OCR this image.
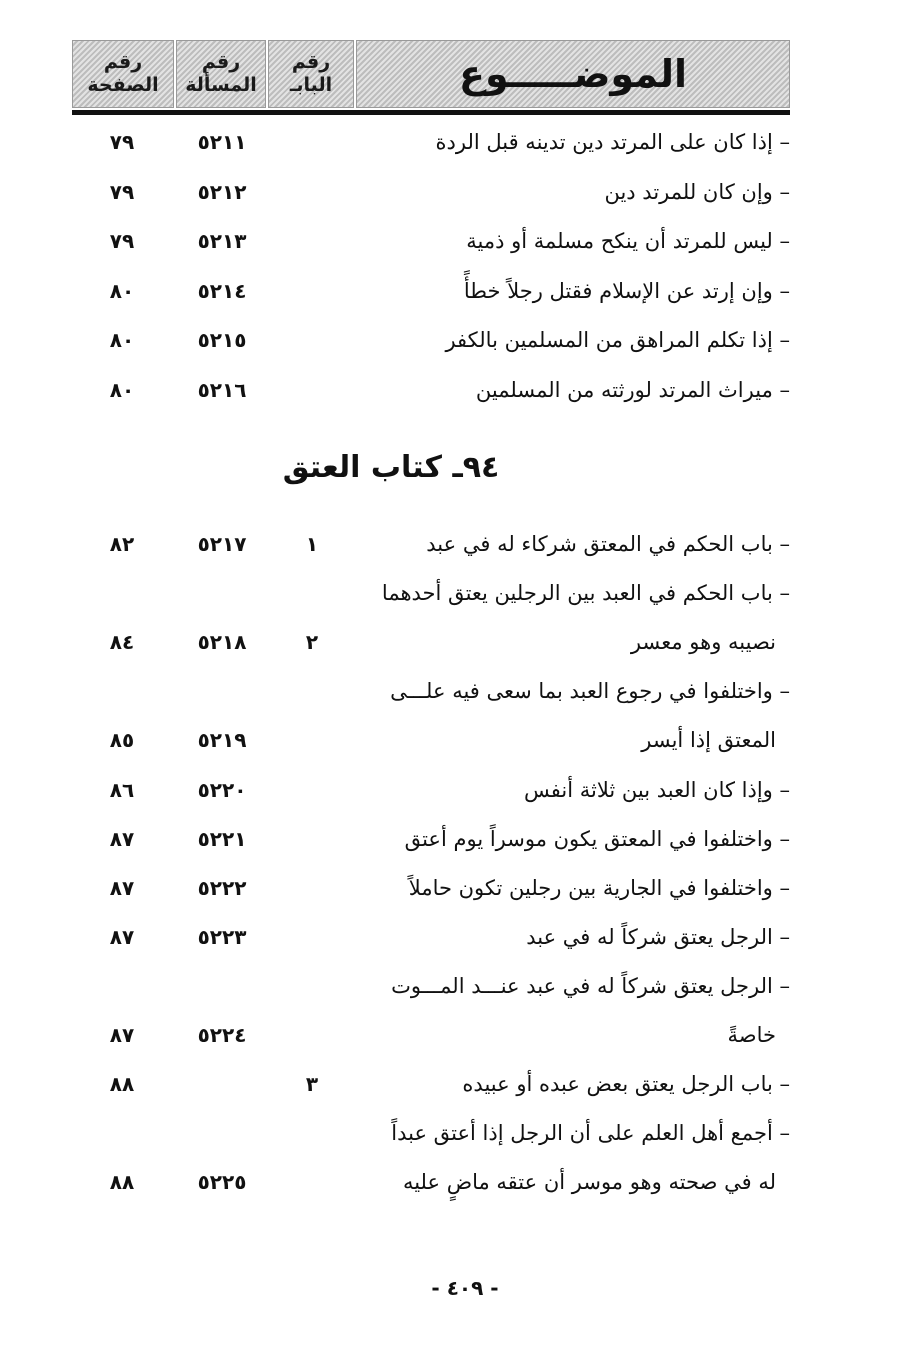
رقم
الصفحة
رقم
المسألة
رقم
البابـ	الموضـــــوع
– إذا كان على المرتد دين تدينه قبل الردة
٥٢١١
٧٩
– وإن كان للمرتد دين
٥٢١٢
٧٩
– ليس للمرتد أن ينكح مسلمة أو ذمية
٥٢١٣
٧٩
– وإن إرتد عن الإسلام فقتل رجلاً خطأً
٥٢١٤
٨٠
– إذا تكلم المراهق من المسلمين بالكفر
٥٢١٥
٨٠
– ميراث المرتد لورثته من المسلمين
٥٢١٦
٨٠
٩٤ـ كتاب العتق
– باب الحكم في المعتق شركاء له في عبد
١
٥٢١٧
٨٢
– باب الحكم في العبد بين الرجلين يعتق أحدهما
نصيبه وهو معسر
٢
٥٢١٨
٨٤
– واختلفوا في رجوع العبد بما سعى فيه علـــى
المعتق إذا أيسر
٥٢١٩
٨٥
– وإذا كان العبد بين ثلاثة أنفس
٥٢٢٠
٨٦
– واختلفوا في المعتق يكون موسراً يوم أعتق
٥٢٢١
٨٧
– واختلفوا في الجارية بين رجلين تكون حاملاً
٥٢٢٢
٨٧
– الرجل يعتق شركاً له في عبد
٥٢٢٣
٨٧
– الرجل يعتق شركاً له في عبد عنـــد المـــوت
خاصةً
٥٢٢٤
٨٧
– باب الرجل يعتق بعض عبده أو عبيده
٣
٨٨
– أجمع أهل العلم على أن الرجل إذا أعتق عبداً
له في صحته وهو موسر أن عتقه ماضٍ عليه
٥٢٢٥
٨٨
- ٤٠٩ -
